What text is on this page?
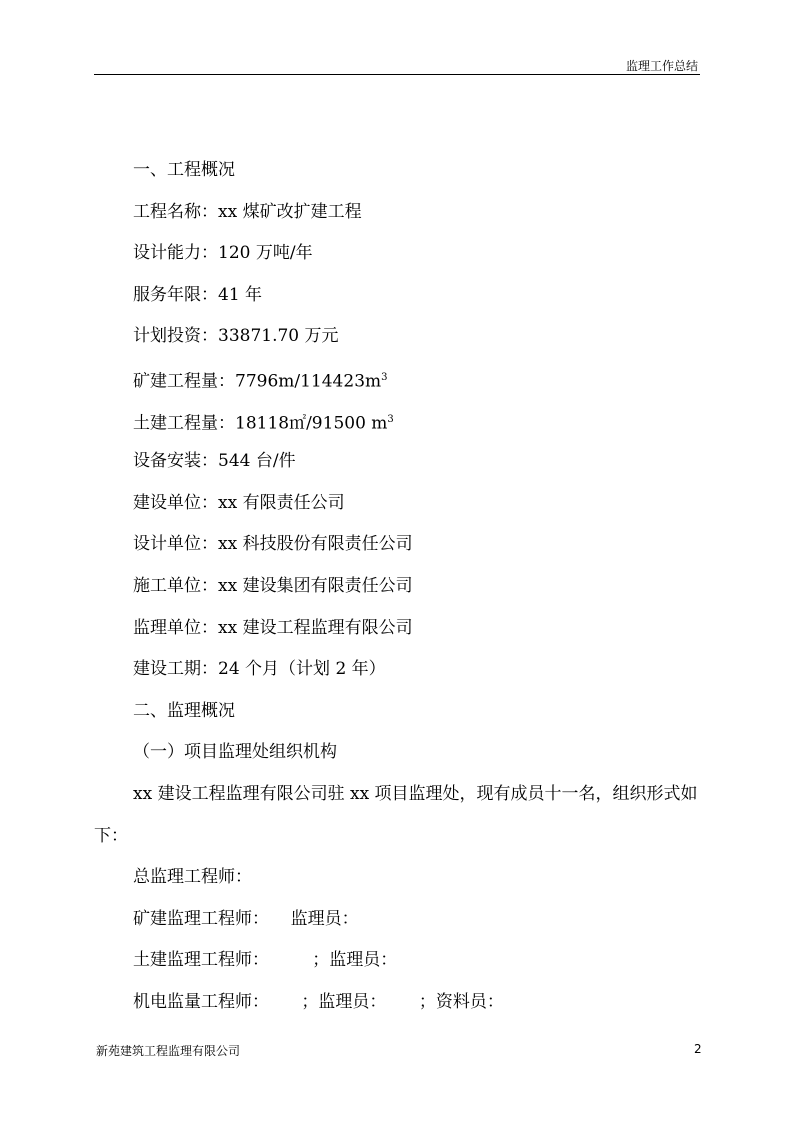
监理工作总结
一、工程概况
工程名称：xx 煤矿改扩建工程
设计能力：120 万吨/年
服务年限：41 年
计划投资：33871.70 万元
矿建工程量：$7796m/114423m^3$
土建工程量：18118㎡/91500 $m^3$
设备安装：544 台/件
建设单位：xx 有限责任公司
设计单位：xx 科技股份有限责任公司
施工单位：xx 建设集团有限责任公司
监理单位：xx 建设工程监理有限公司
建设工期：24 个月（计划 2 年）
二、监理概况
（一）项目监理处组织机构
xx 建设工程监理有限公司驻 xx 项目监理处，现有成员十一名，组织形式如下：
总监理工程师：
矿建监理工程师：    监理员：
土建监理工程师：        ；监理员：
机电监量工程师：      ；监理员：      ；资料员：
新苑建筑工程监理有限公司	2
